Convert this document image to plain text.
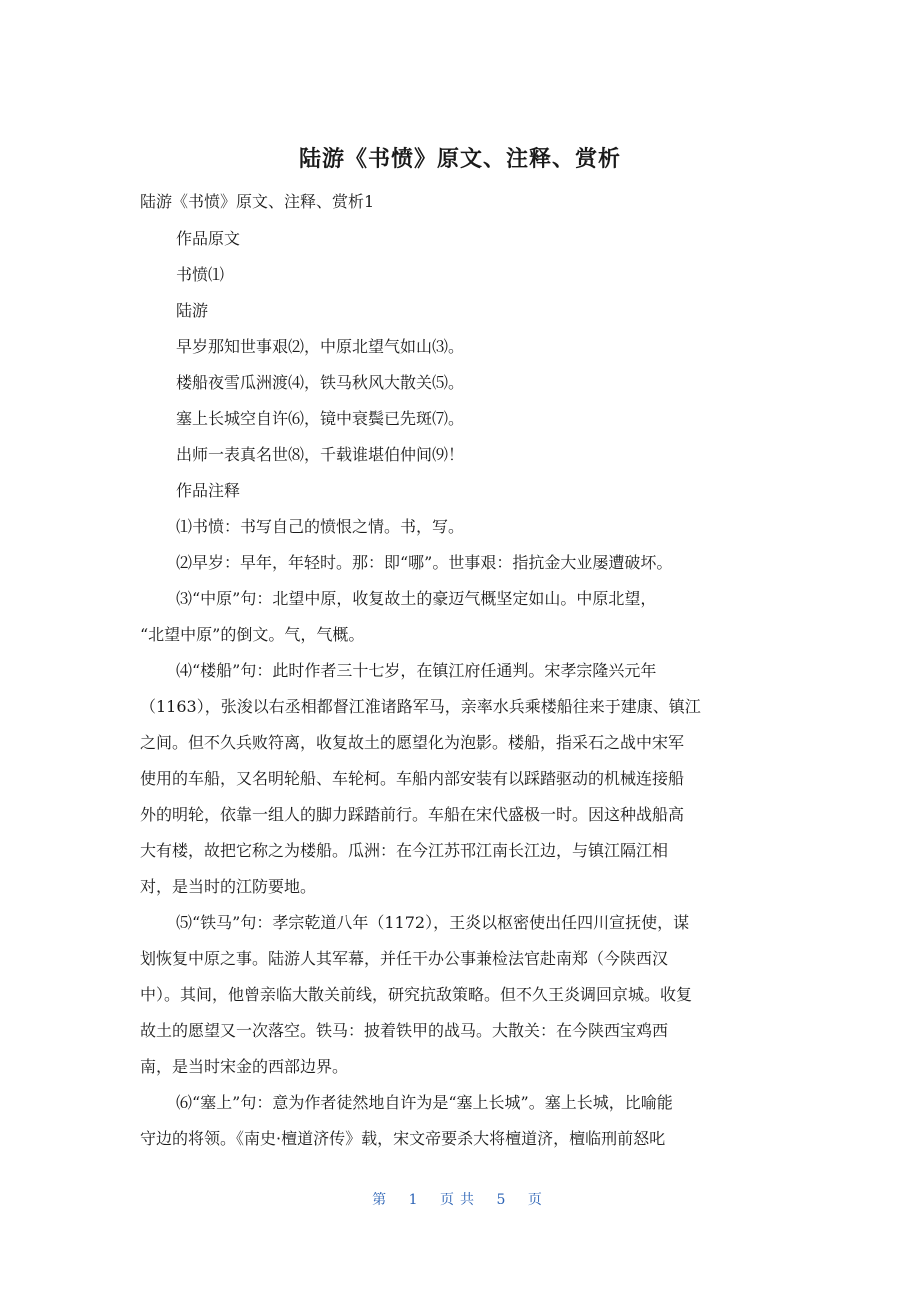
陆游《书愤》原文、注释、赏析
陆游《书愤》原文、注释、赏析1
作品原文
书愤⑴
陆游
早岁那知世事艰⑵，中原北望气如山⑶。
楼船夜雪瓜洲渡⑷，铁马秋风大散关⑸。
塞上长城空自许⑹，镜中衰鬓已先斑⑺。
出师一表真名世⑻，千载谁堪伯仲间⑼！
作品注释
⑴书愤：书写自己的愤恨之情。书，写。
⑵早岁：早年，年轻时。那：即“哪”。世事艰：指抗金大业屡遭破坏。
⑶“中原”句：北望中原，收复故土的豪迈气概坚定如山。中原北望，
“北望中原”的倒文。气，气概。
⑷“楼船”句：此时作者三十七岁，在镇江府任通判。宋孝宗隆兴元年
（1163），张浚以右丞相都督江淮诸路军马，亲率水兵乘楼船往来于建康、镇江
之间。但不久兵败符离，收复故土的愿望化为泡影。楼船，指采石之战中宋军
使用的车船，又名明轮船、车轮柯。车船内部安装有以踩踏驱动的机械连接船
外的明轮，依靠一组人的脚力踩踏前行。车船在宋代盛极一时。因这种战船高
大有楼，故把它称之为楼船。瓜洲：在今江苏邗江南长江边，与镇江隔江相
对，是当时的江防要地。
⑸“铁马”句：孝宗乾道八年（1172），王炎以枢密使出任四川宣抚使，谋
划恢复中原之事。陆游人其军幕，并任干办公事兼检法官赴南郑（今陕西汉
中）。其间，他曾亲临大散关前线，研究抗敌策略。但不久王炎调回京城。收复
故土的愿望又一次落空。铁马：披着铁甲的战马。大散关：在今陕西宝鸡西
南，是当时宋金的西部边界。
⑹“塞上”句：意为作者徒然地自许为是“塞上长城”。塞上长城，比喻能
守边的将领。《南史·檀道济传》载，宋文帝要杀大将檀道济，檀临刑前怒叱
第 1 页共 5 页
